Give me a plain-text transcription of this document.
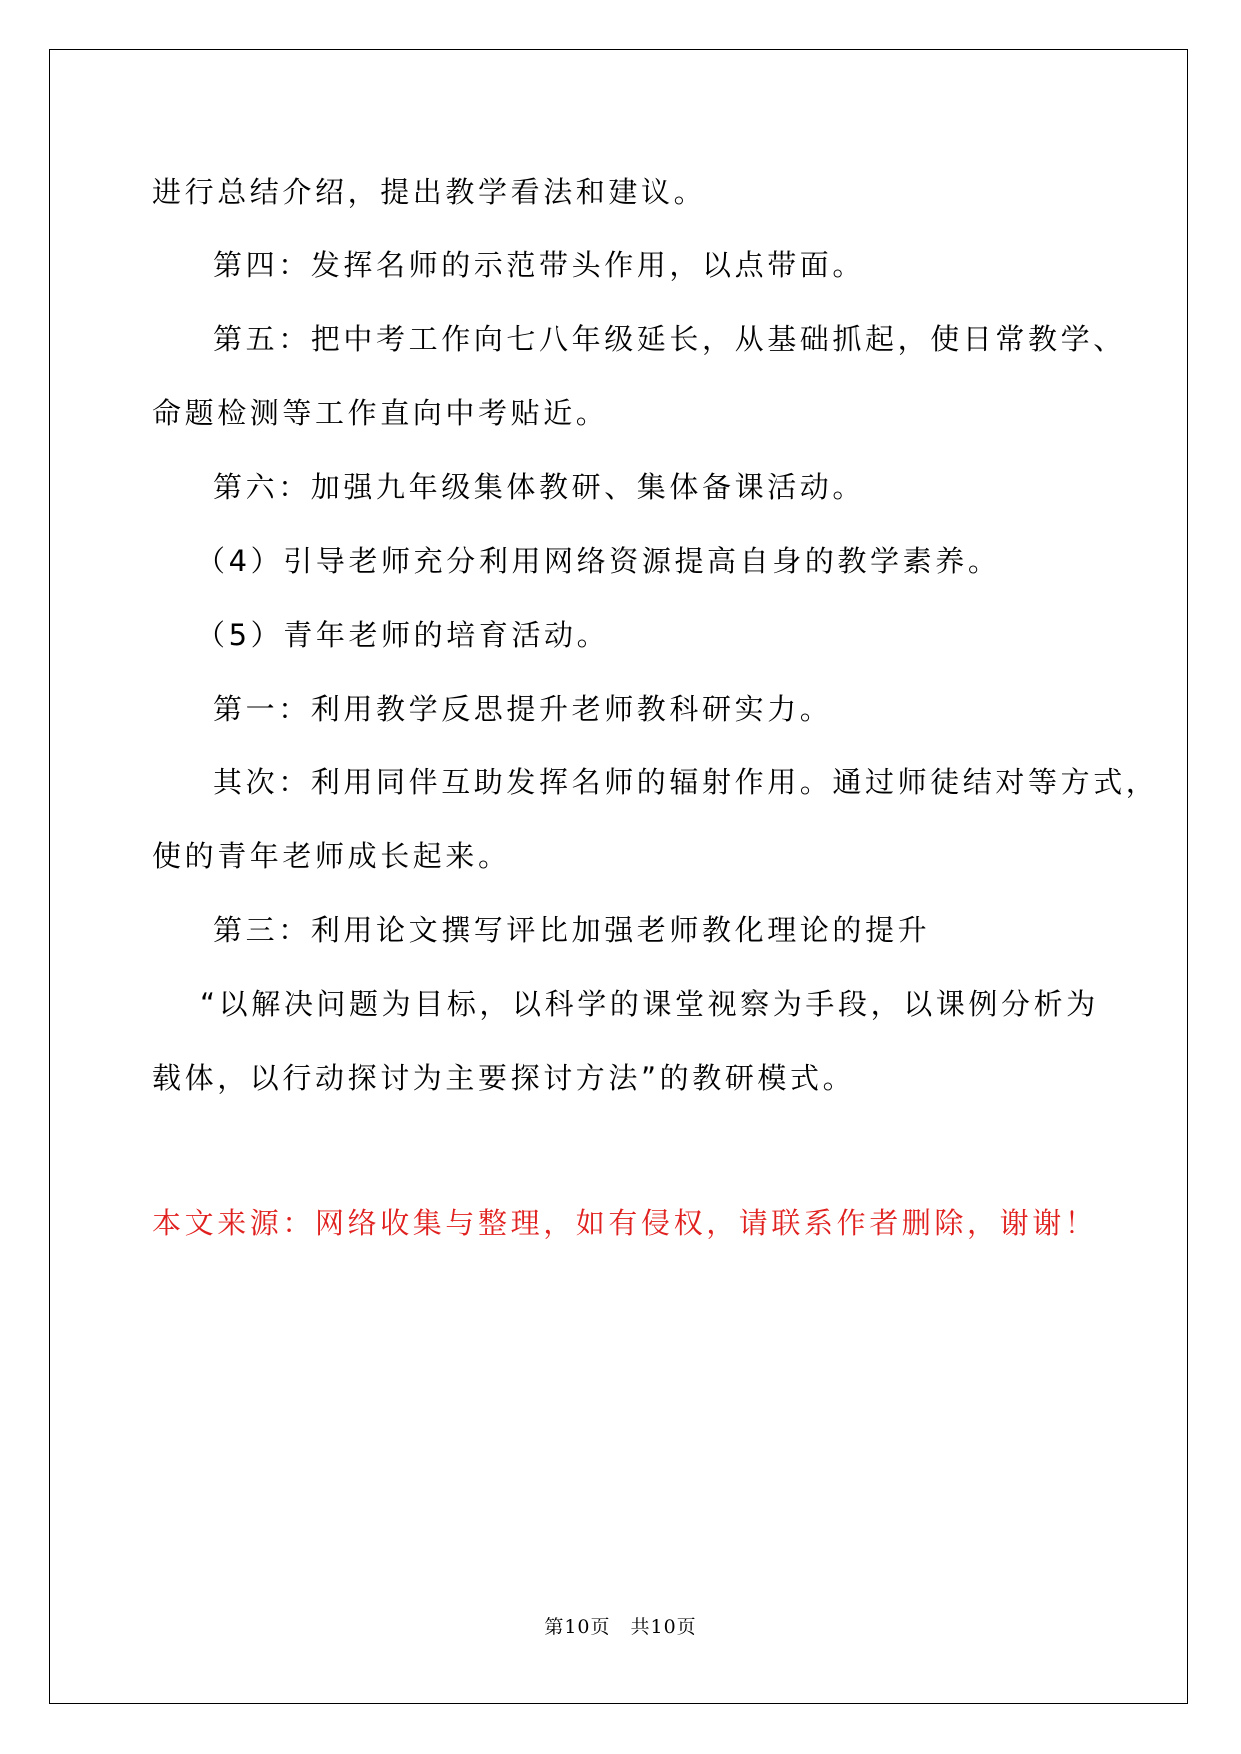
进行总结介绍，提出教学看法和建议。
第四：发挥名师的示范带头作用，以点带面。
第五：把中考工作向七八年级延长，从基础抓起，使日常教学、
命题检测等工作直向中考贴近。
第六：加强九年级集体教研、集体备课活动。
（4）引导老师充分利用网络资源提高自身的教学素养。
（5）青年老师的培育活动。
第一：利用教学反思提升老师教科研实力。
其次：利用同伴互助发挥名师的辐射作用。通过师徒结对等方式，
使的青年老师成长起来。
第三：利用论文撰写评比加强老师教化理论的提升
“以解决问题为目标，以科学的课堂视察为手段，以课例分析为
载体，以行动探讨为主要探讨方法”的教研模式。
本文来源：网络收集与整理，如有侵权，请联系作者删除，谢谢！
第10页　共10页
